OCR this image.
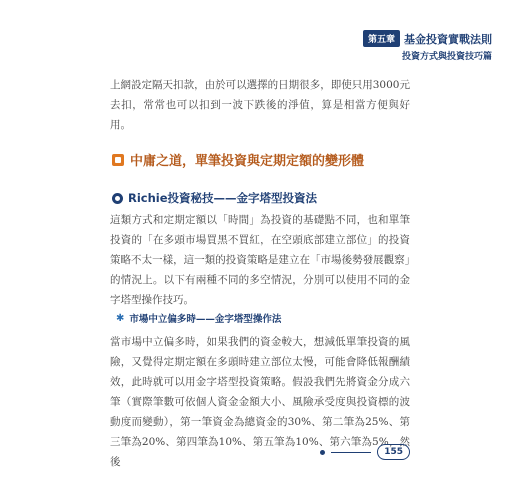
第五章 基金投資實戰法則
投資方式與投資技巧篇

上網設定隔天扣款，由於可以選擇的日期很多，即使只用3000元去扣，常常也可以扣到一波下跌後的淨值，算是相當方便與好用。

中庸之道，單筆投資與定期定額的變形體
Richie投資秘技——金字塔型投資法

這類方式和定期定額以「時間」為投資的基礎點不同，也和單筆投資的「在多頭市場買黑不買紅，在空頭底部建立部位」的投資策略不太一樣，這一類的投資策略是建立在「市場後勢發展觀察」的情況上。以下有兩種不同的多空情況，分別可以使用不同的金字塔型操作技巧。

✱ 市場中立偏多時——金字塔型操作法

當市場中立偏多時，如果我們的資金較大，想減低單筆投資的風險，又覺得定期定額在多頭時建立部位太慢，可能會降低報酬績效，此時就可以用金字塔型投資策略。假設我們先將資金分成六筆（實際筆數可依個人資金金額大小、風險承受度與投資標的波動度而變動），第一筆資金為總資金的30%、第二筆為25%、第三筆為20%、第四筆為10%、第五筆為10%、第六筆為5%，然後

155
